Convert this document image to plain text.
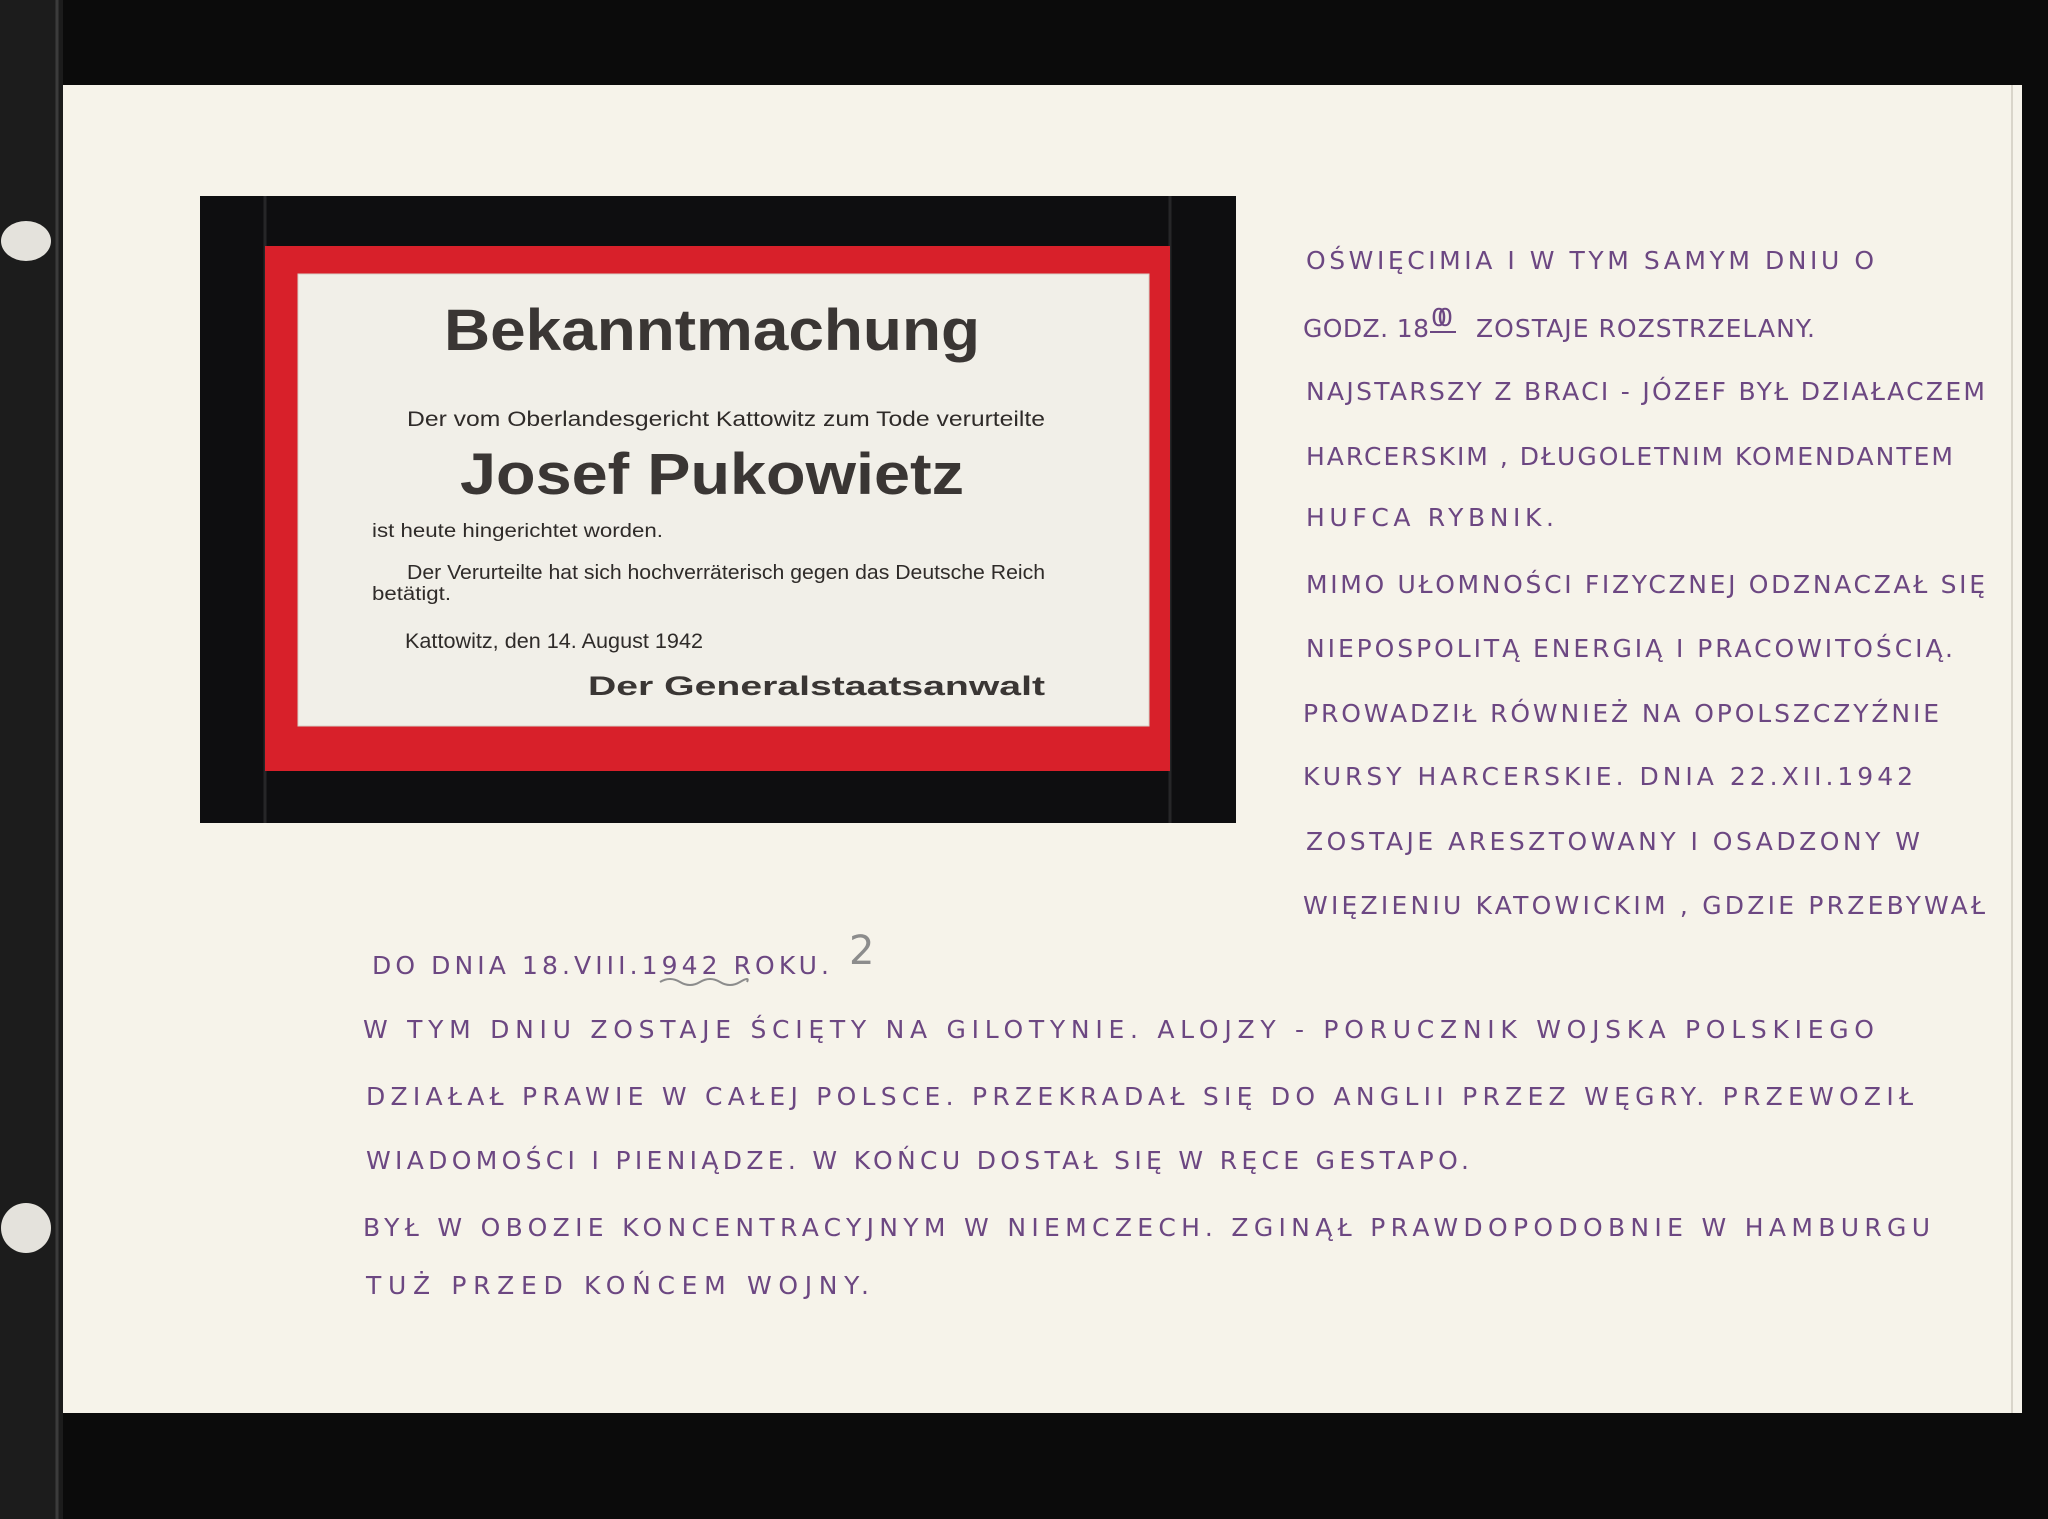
Bekanntmachung
Der vom Oberlandesgericht Kattowitz zum Tode verurteilte
Josef Pukowietz
ist heute hingerichtet worden.
Der Verurteilte hat sich hochverräterisch gegen das Deutsche Reich
betätigt.
Kattowitz, den 14. August 1942
Der Generalstaatsanwalt
OŚWIĘCIMIA I W TYM SAMYM DNIU O
GODZ. 18 00 ZOSTAJE ROZSTRZELANY.
NAJSTARSZY Z BRACI - JÓZEF BYŁ DZIAŁACZEM
HARCERSKIM , DŁUGOLETNIM KOMENDANTEM
HUFCA RYBNIK.
MIMO UŁOMNOŚCI FIZYCZNEJ ODZNACZAŁ SIĘ
NIEPOSPOLITĄ ENERGIĄ I PRACOWITOŚCIĄ.
PROWADZIŁ RÓWNIEŻ NA OPOLSZCZYŹNIE
KURSY HARCERSKIE. DNIA 22.XII.1942
ZOSTAJE ARESZTOWANY I OSADZONY W
WIĘZIENIU KATOWICKIM , GDZIE PRZEBYWAŁ
DO DNIA 18.VIII.1942 ROKU. 2
W TYM DNIU ZOSTAJE ŚCIĘTY NA GILOTYNIE. ALOJZY - PORUCZNIK WOJSKA POLSKIEGO
DZIAŁAŁ PRAWIE W CAŁEJ POLSCE. PRZEKRADAŁ SIĘ DO ANGLII PRZEZ WĘGRY. PRZEWOZIŁ
WIADOMOŚCI I PIENIĄDZE. W KOŃCU DOSTAŁ SIĘ W RĘCE GESTAPO.
BYŁ W OBOZIE KONCENTRACYJNYM W NIEMCZECH. ZGINĄŁ PRAWDOPODOBNIE W HAMBURGU
TUŻ PRZED KOŃCEM WOJNY.
